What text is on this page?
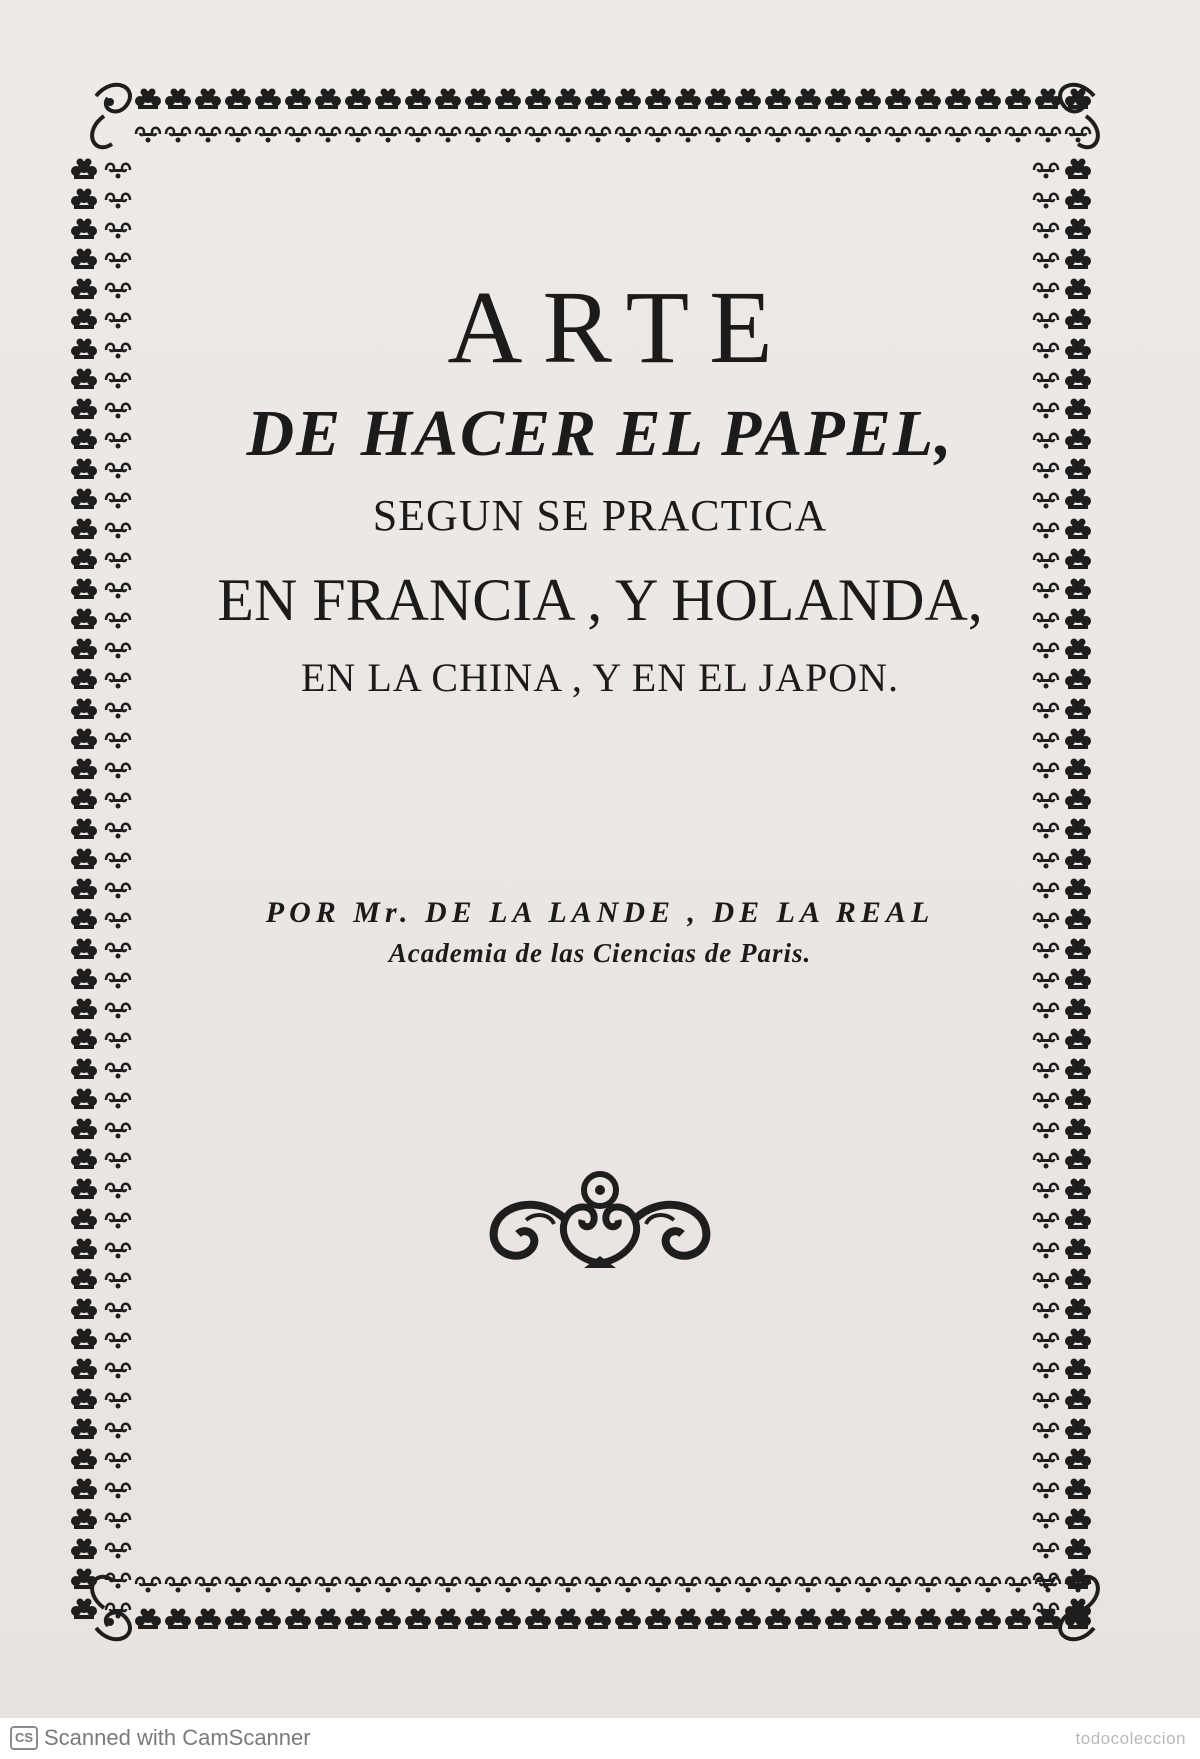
ARTE
DE HACER EL PAPEL,
SEGUN SE PRACTICA
EN FRANCIA , Y HOLANDA,
EN LA CHINA , Y EN EL JAPON.
POR Mr. DE LA LANDE , DE LA REAL
Academia de las Ciencias de Paris.
CS Scanned with CamScanner	todocoleccion
